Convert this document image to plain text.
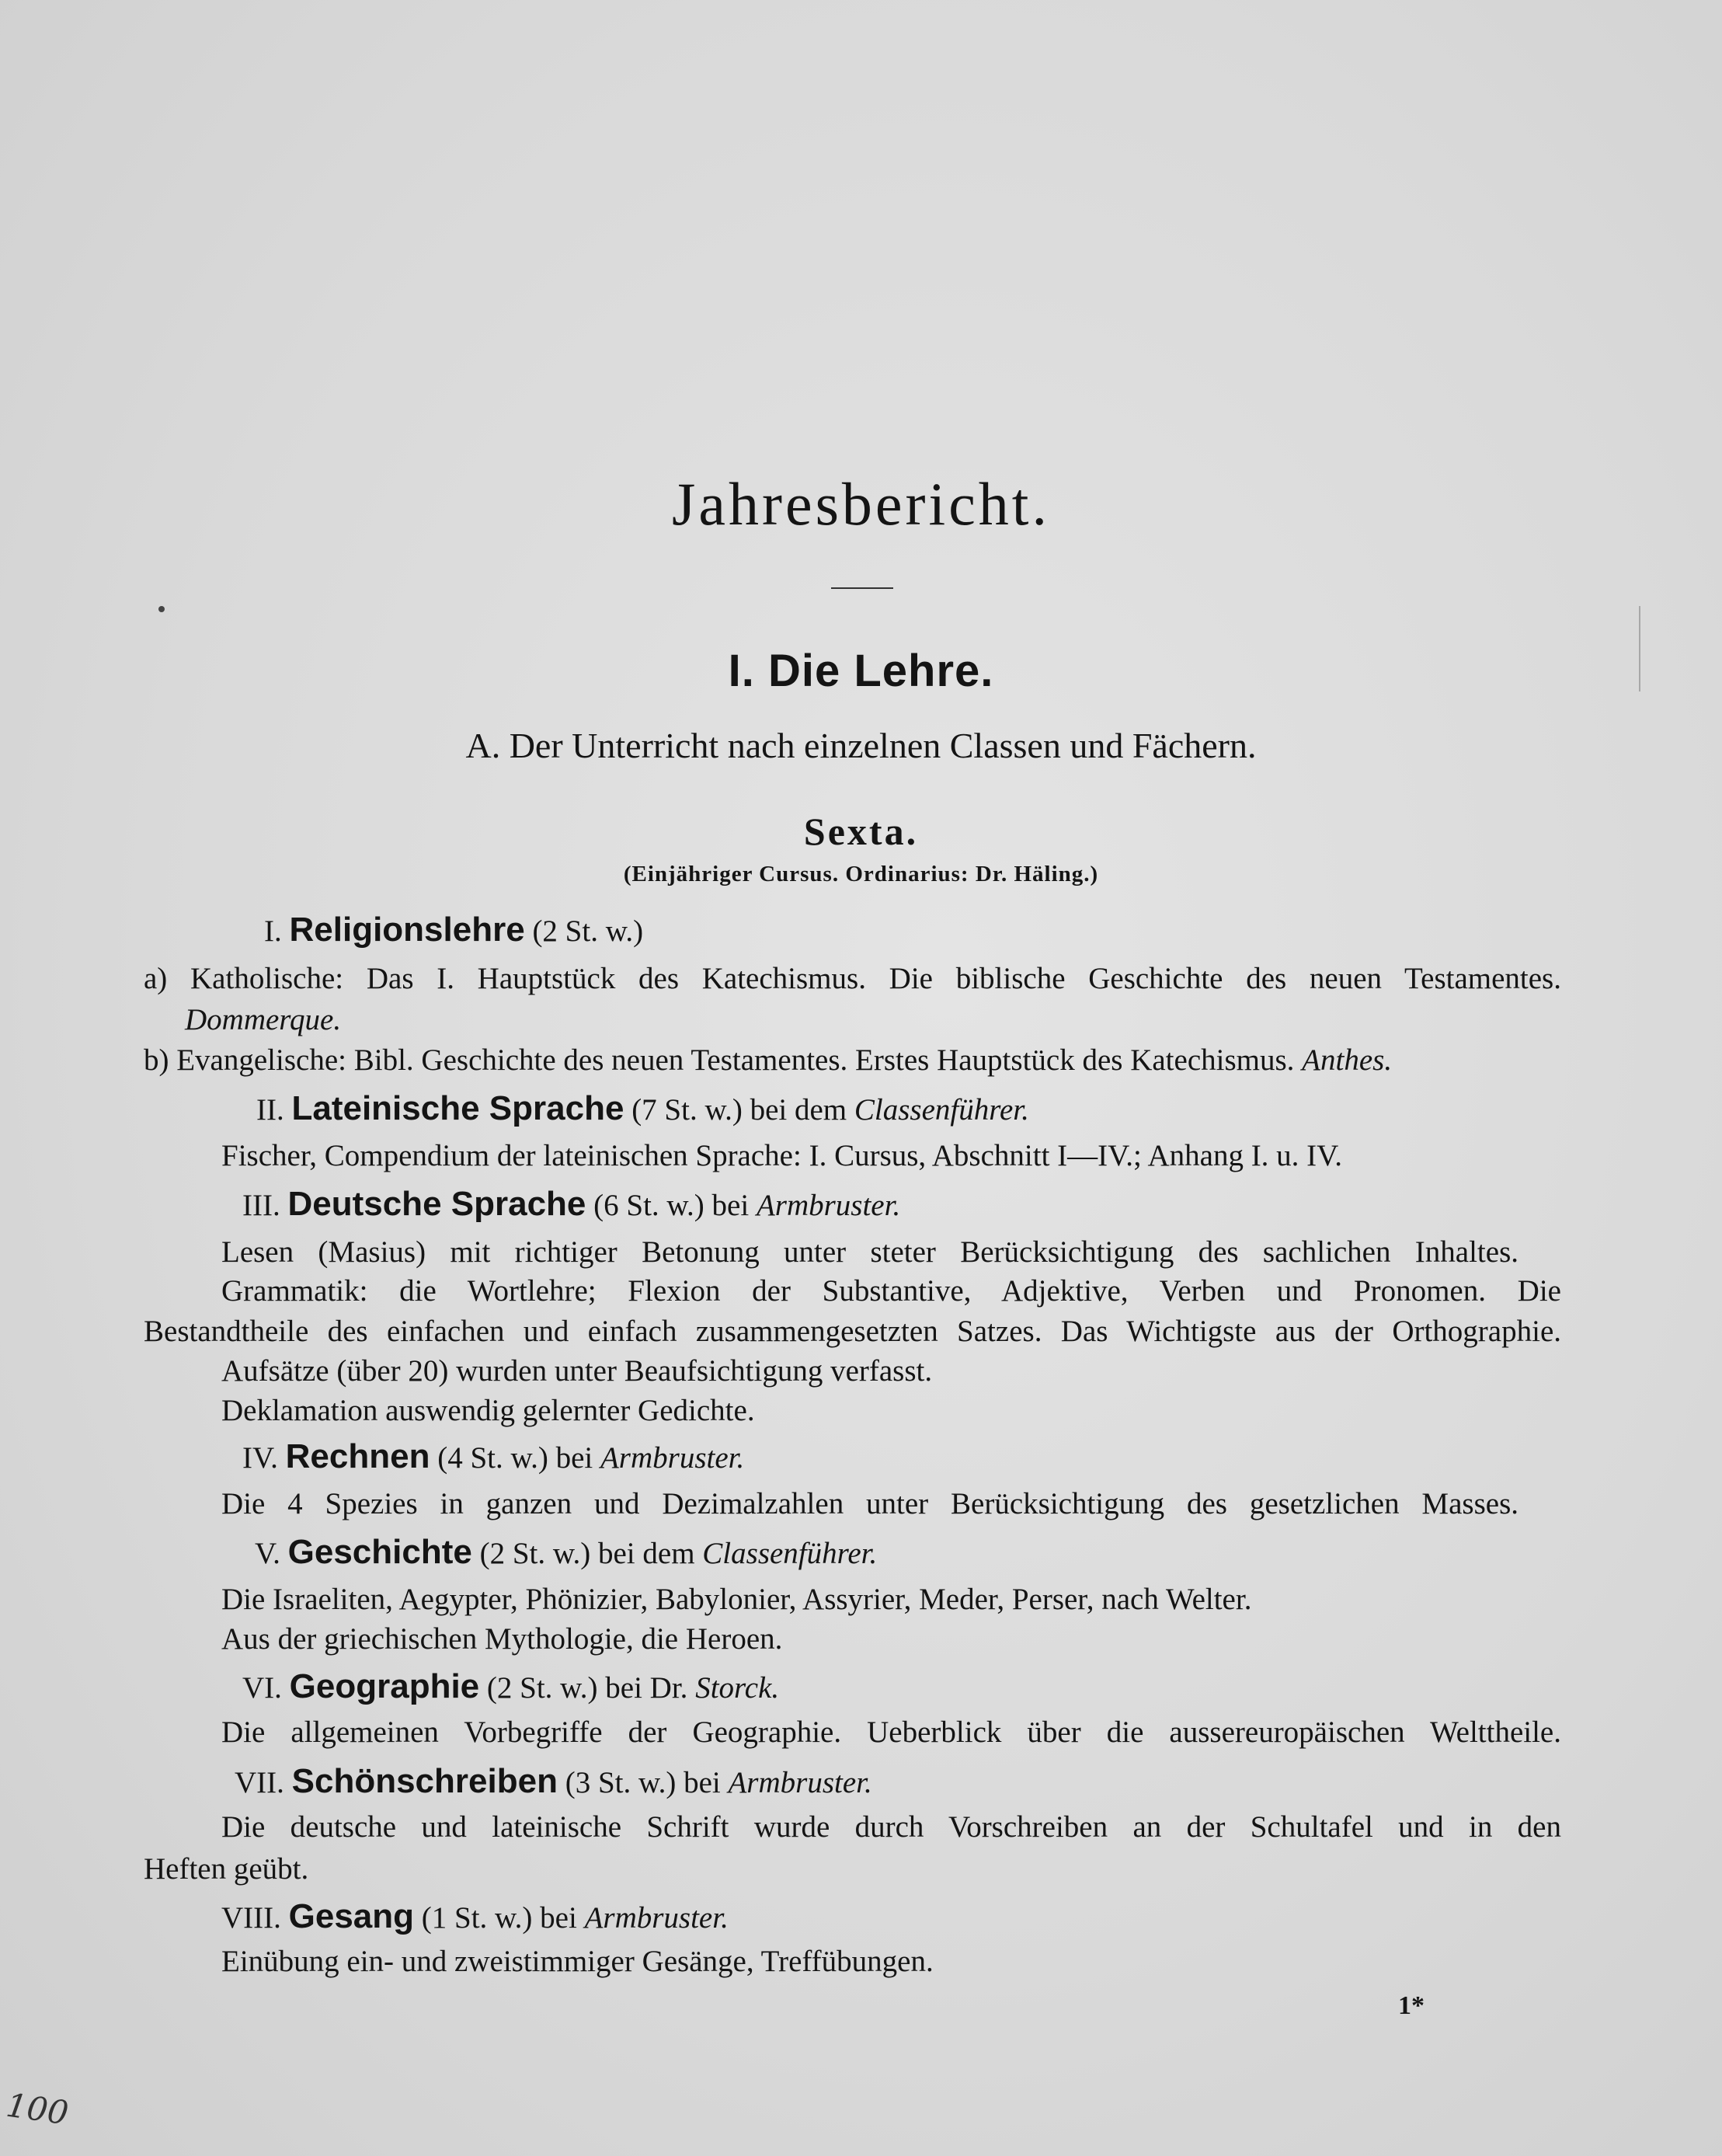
Jahresbericht.
I. Die Lehre.
A. Der Unterricht nach einzelnen Classen und Fächern.
Sexta.
(Einjähriger Cursus. Ordinarius: Dr. Häling.)
I. Religionslehre (2 St. w.)
a) Katholische: Das I. Hauptstück des Katechismus. Die biblische Geschichte des neuen Testamentes.
Dommerque.
b) Evangelische: Bibl. Geschichte des neuen Testamentes. Erstes Hauptstück des Katechismus. Anthes.
II. Lateinische Sprache (7 St. w.) bei dem Classenführer.
Fischer, Compendium der lateinischen Sprache: I. Cursus, Abschnitt I—IV.; Anhang I. u. IV.
III. Deutsche Sprache (6 St. w.) bei Armbruster.
Lesen (Masius) mit richtiger Betonung unter steter Berücksichtigung des sachlichen Inhaltes.
Grammatik: die Wortlehre; Flexion der Substantive, Adjektive, Verben und Pronomen. Die
Bestandtheile des einfachen und einfach zusammengesetzten Satzes. Das Wichtigste aus der Orthographie.
Aufsätze (über 20) wurden unter Beaufsichtigung verfasst.
Deklamation auswendig gelernter Gedichte.
IV. Rechnen (4 St. w.) bei Armbruster.
Die 4 Spezies in ganzen und Dezimalzahlen unter Berücksichtigung des gesetzlichen Masses.
V. Geschichte (2 St. w.) bei dem Classenführer.
Die Israeliten, Aegypter, Phönizier, Babylonier, Assyrier, Meder, Perser, nach Welter.
Aus der griechischen Mythologie, die Heroen.
VI. Geographie (2 St. w.) bei Dr. Storck.
Die allgemeinen Vorbegriffe der Geographie. Ueberblick über die aussereuropäischen Welttheile.
VII. Schönschreiben (3 St. w.) bei Armbruster.
Die deutsche und lateinische Schrift wurde durch Vorschreiben an der Schultafel und in den
Heften geübt.
VIII. Gesang (1 St. w.) bei Armbruster.
Einübung ein- und zweistimmiger Gesänge, Treffübungen.
1*
100
